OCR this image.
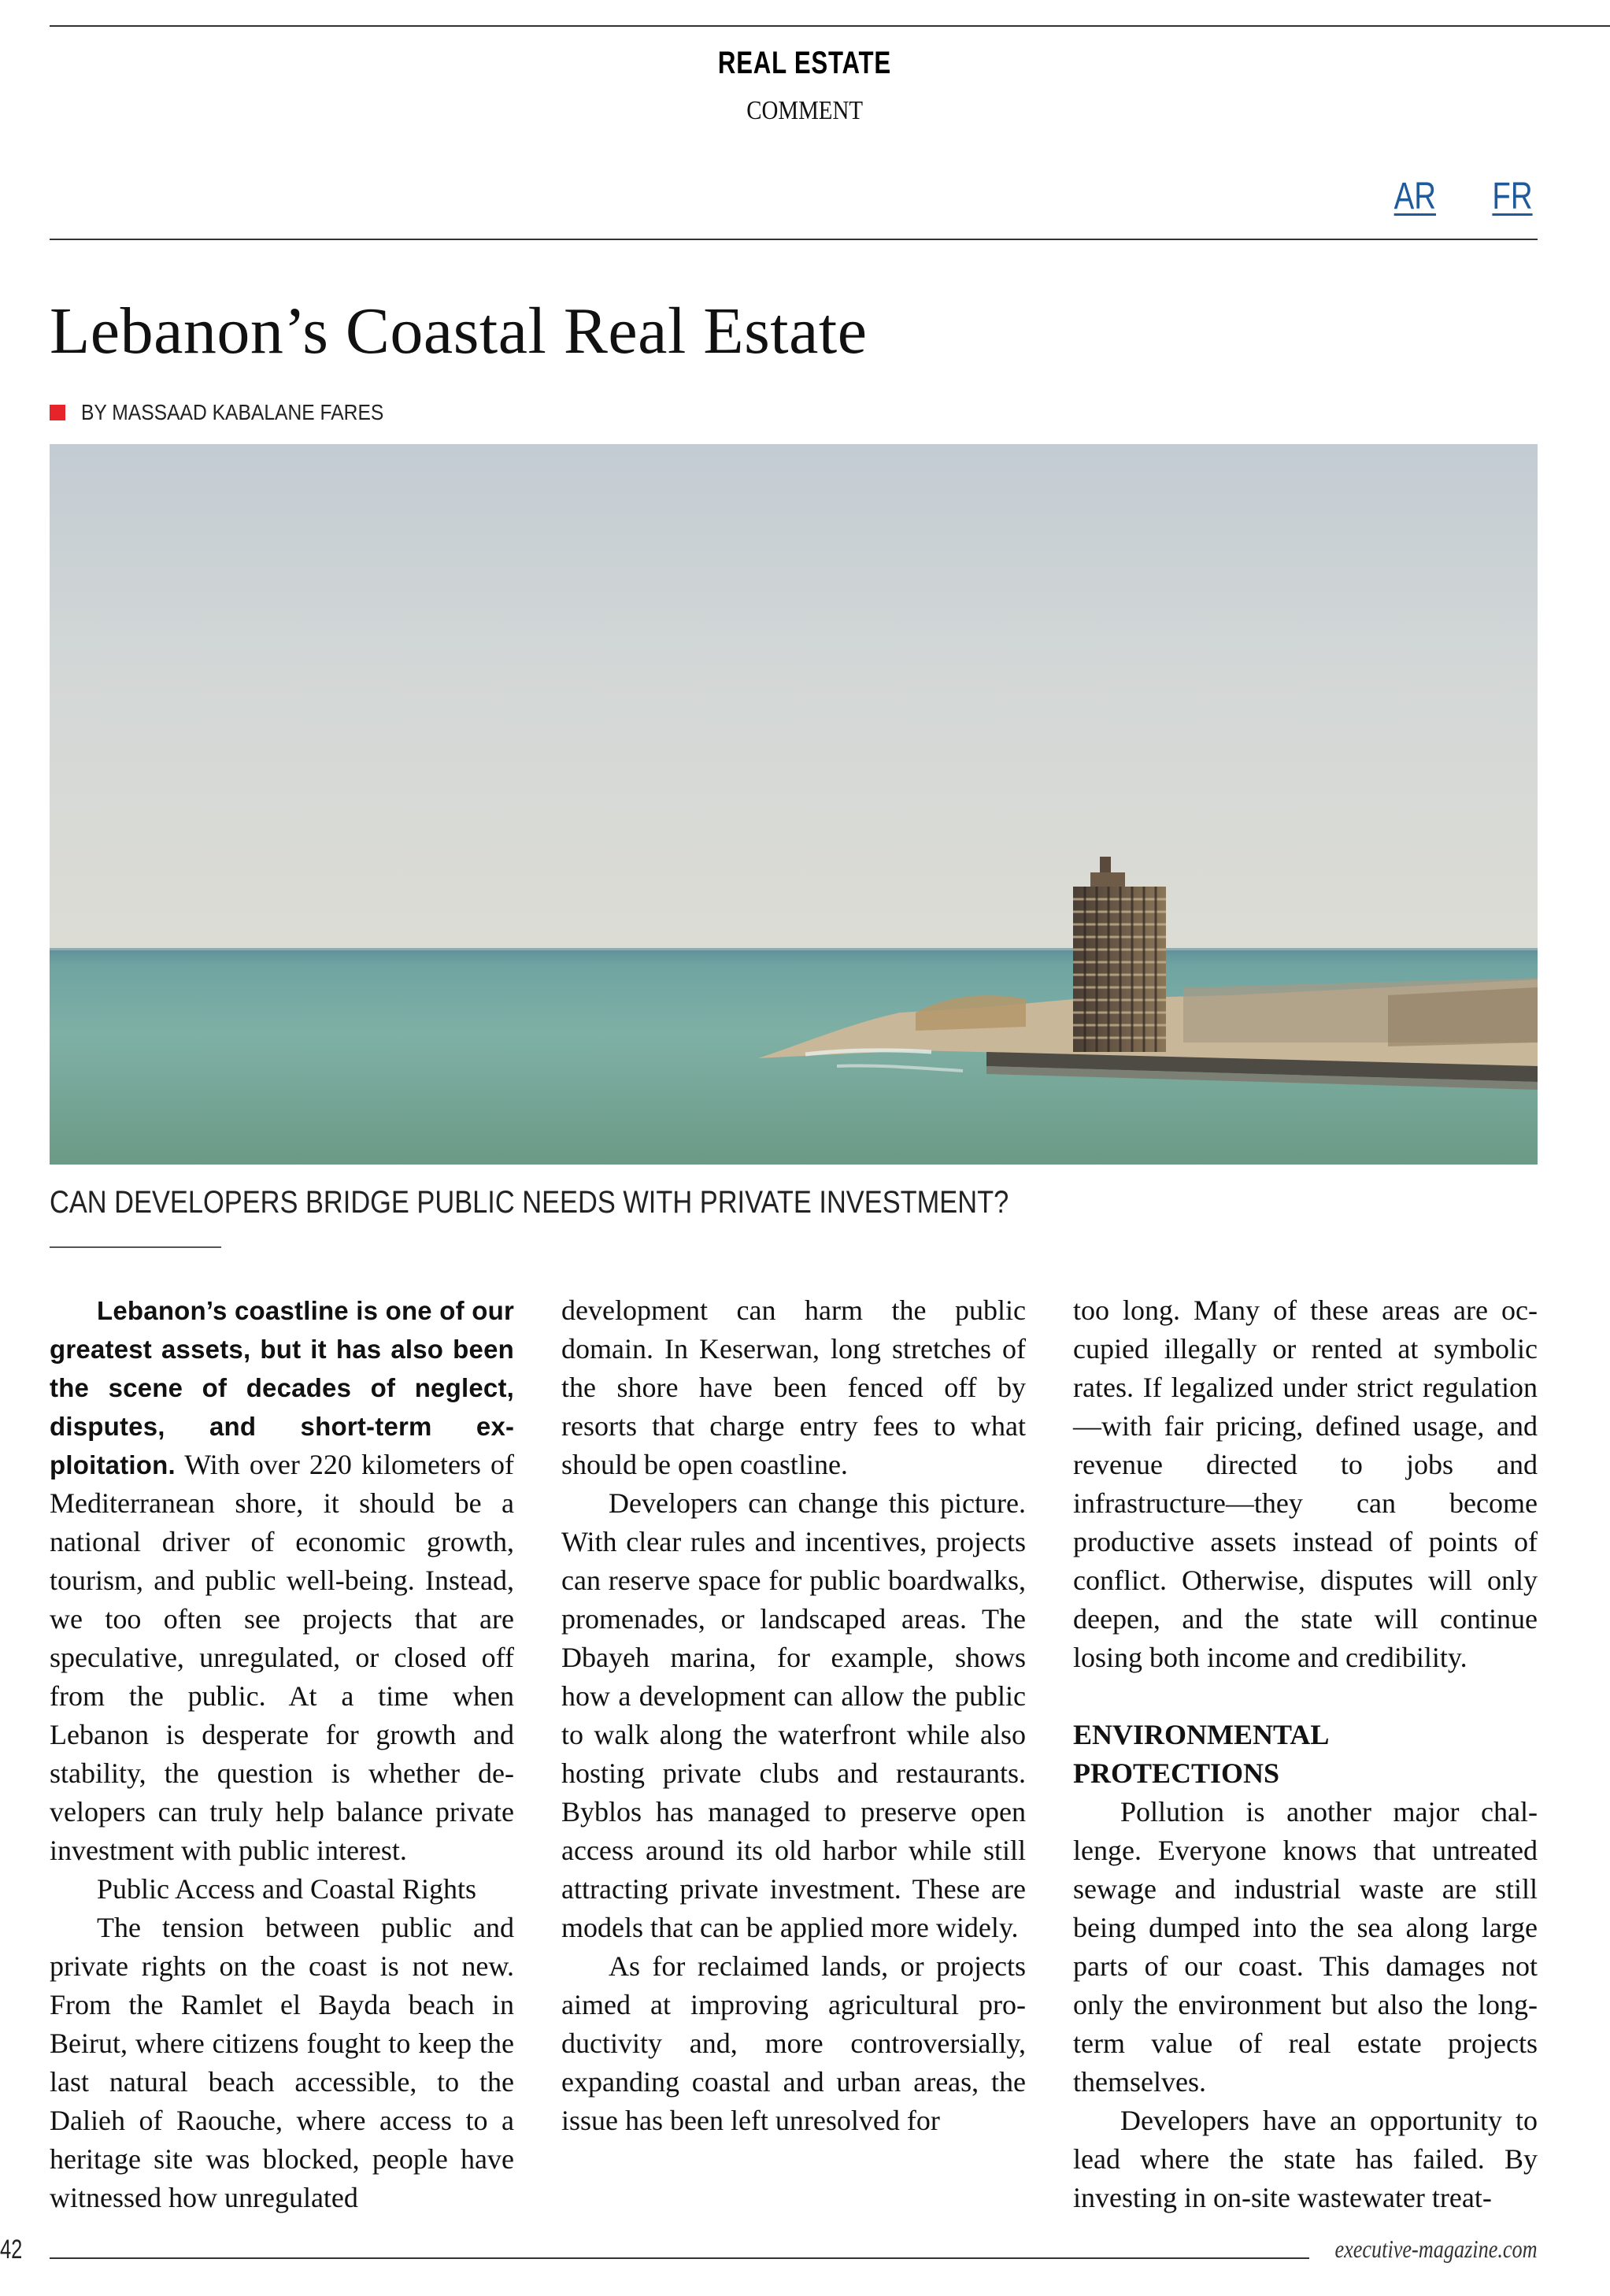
REAL ESTATE
COMMENT
AR FR
Lebanon’s Coastal Real Estate
BY MASSAAD KABALANE FARES
CAN DEVELOPERS BRIDGE PUBLIC NEEDS WITH PRIVATE INVESTMENT?

Lebanon’s coastline is one of our greatest assets, but it has also been the scene of decades of neglect, disputes, and short-term exploitation. With over 220 kilometers of Mediterranean shore, it should be a national driver of economic growth, tourism, and public well-being. Instead, we too often see projects that are speculative, unregulated, or closed off from the public. At a time when Lebanon is desperate for growth and stability, the question is whether developers can truly help balance private investment with public interest.

Public Access and Coastal Rights

The tension between public and private rights on the coast is not new. From the Ramlet el Bayda beach in Beirut, where citizens fought to keep the last natural beach accessible, to the Dalieh of Raouche, where access to a heritage site was blocked, people have witnessed how unregulated

development can harm the public domain. In Keserwan, long stretches of the shore have been fenced off by resorts that charge entry fees to what should be open coastline.

Developers can change this picture. With clear rules and incentives, projects can reserve space for public boardwalks, promenades, or landscaped areas. The Dbayeh marina, for example, shows how a development can allow the public to walk along the waterfront while also hosting private clubs and restaurants. Byblos has managed to preserve open access around its old harbor while still attracting private investment. These are models that can be applied more widely.

As for reclaimed lands, or projects aimed at improving agricultural productivity and, more controversially, expanding coastal and urban areas, the issue has been left unresolved for

too long. Many of these areas are occupied illegally or rented at symbolic rates. If legalized under strict regulation—with fair pricing, defined usage, and revenue directed to jobs and infrastructure—they can become productive assets instead of points of conflict. Otherwise, disputes will only deepen, and the state will continue losing both income and credibility.

ENVIRONMENTAL PROTECTIONS

Pollution is another major challenge. Everyone knows that untreated sewage and industrial waste are still being dumped into the sea along large parts of our coast. This damages not only the environment but also the long-term value of real estate projects themselves.

Developers have an opportunity to lead where the state has failed. By investing in on-site wastewater treat-

42	executive-magazine.com
